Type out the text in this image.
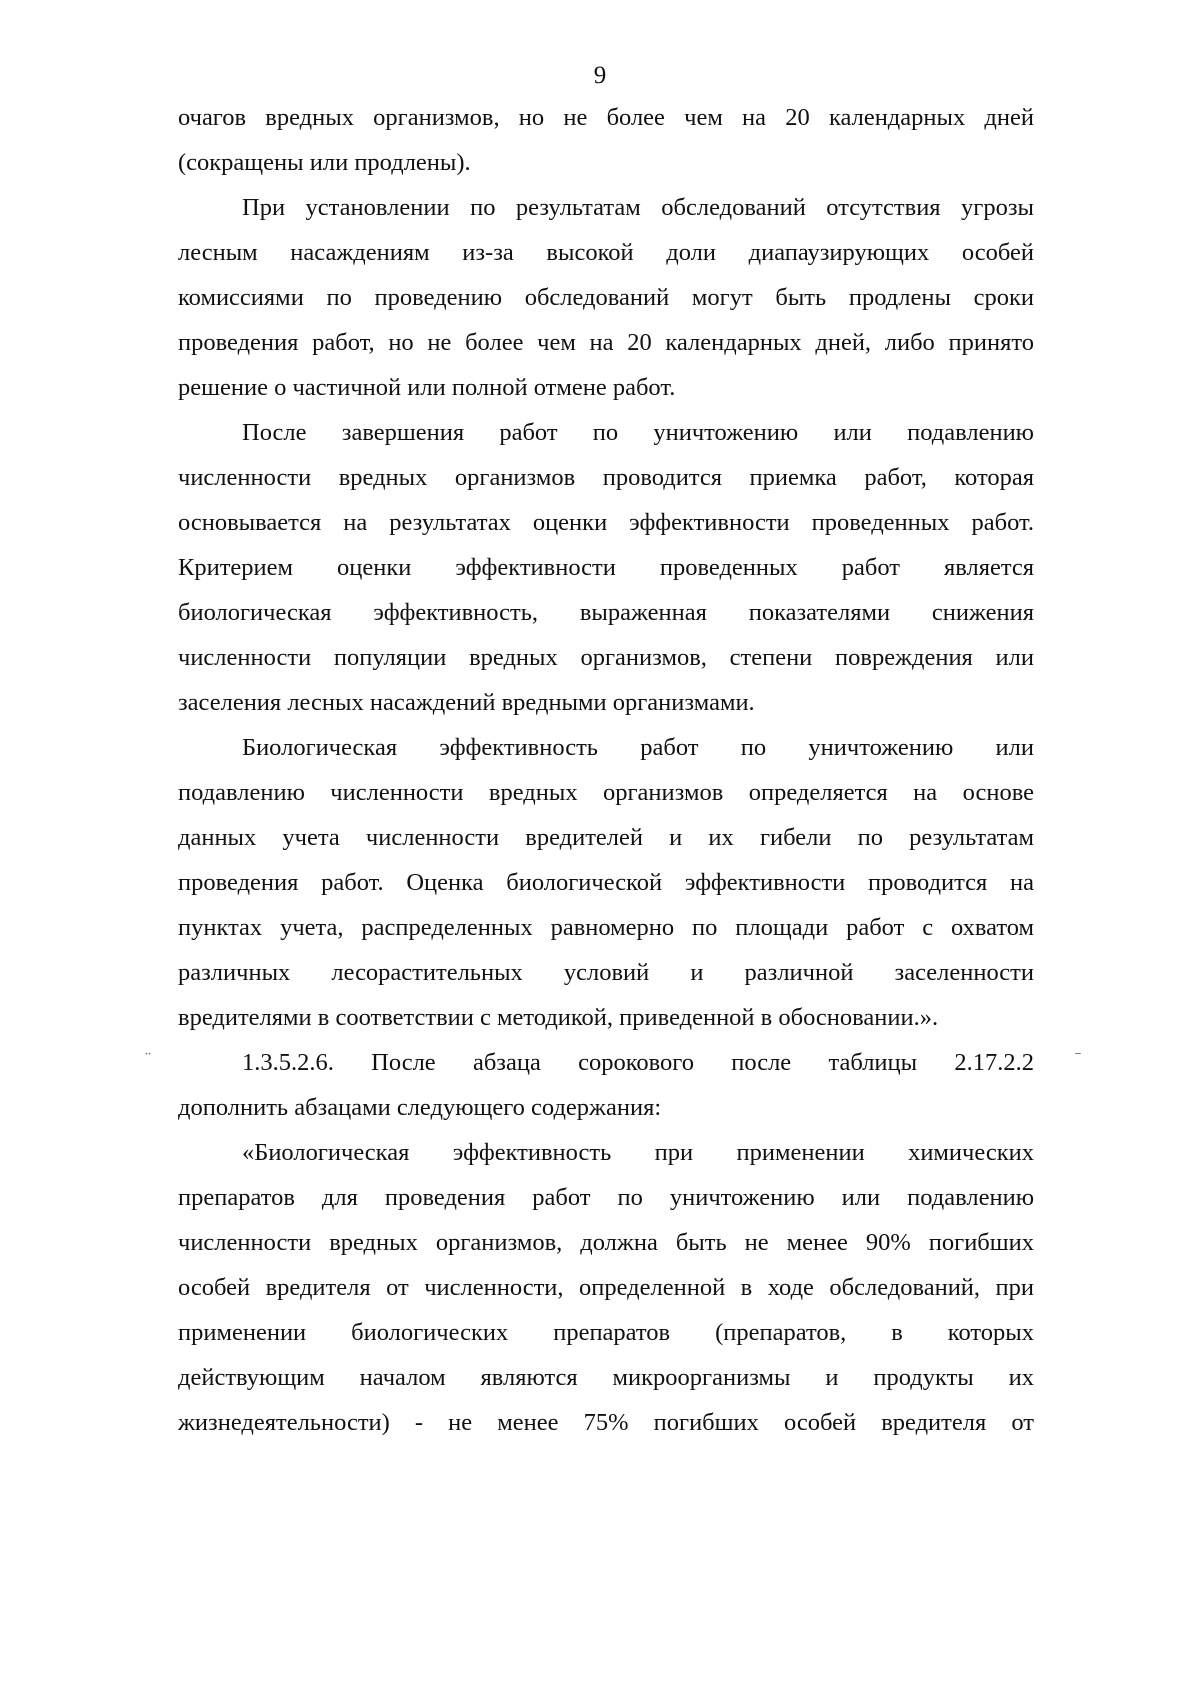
9
очагов вредных организмов, но не более чем на 20 календарных дней
(сокращены или продлены).
При установлении по результатам обследований отсутствия угрозы
лесным насаждениям из-за высокой доли диапаузирующих особей
комиссиями по проведению обследований могут быть продлены сроки
проведения работ, но не более чем на 20 календарных дней, либо принято
решение о частичной или полной отмене работ.
После завершения работ по уничтожению или подавлению
численности вредных организмов проводится приемка работ, которая
основывается на результатах оценки эффективности проведенных работ.
Критерием оценки эффективности проведенных работ является
биологическая эффективность, выраженная показателями снижения
численности популяции вредных организмов, степени повреждения или
заселения лесных насаждений вредными организмами.
Биологическая эффективность работ по уничтожению или
подавлению численности вредных организмов определяется на основе
данных учета численности вредителей и их гибели по результатам
проведения работ. Оценка биологической эффективности проводится на
пунктах учета, распределенных равномерно по площади работ с охватом
различных лесорастительных условий и различной заселенности
вредителями в соответствии с методикой, приведенной в обосновании.».
1.3.5.2.6. После абзаца сорокового после таблицы 2.17.2.2
дополнить абзацами следующего содержания:
«Биологическая эффективность при применении химических
препаратов для проведения работ по уничтожению или подавлению
численности вредных организмов, должна быть не менее 90% погибших
особей вредителя от численности, определенной в ходе обследований, при
применении биологических препаратов (препаратов, в которых
действующим началом являются микроорганизмы и продукты их
жизнедеятельности) - не менее 75% погибших особей вредителя от
¨	ˉ
